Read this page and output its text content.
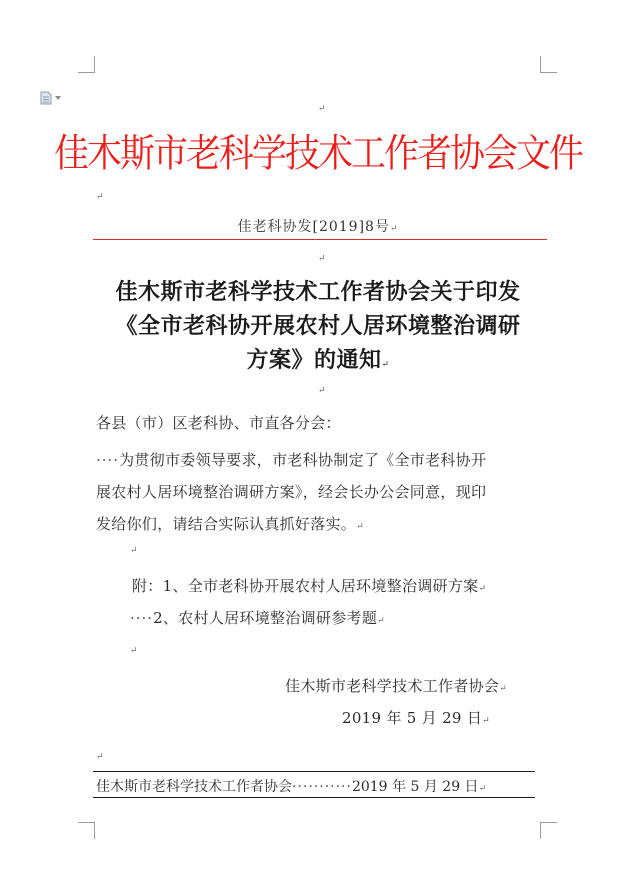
↵
佳木斯市老科学技术工作者协会文件
↵
佳老科协发[2019]8号↵
↵
佳木斯市老科学技术工作者协会关于印发
《全市老科协开展农村人居环境整治调研
方案》的通知↵
↵
各县（市）区老科协、市直各分会：
····为贯彻市委领导要求，市老科协制定了《全市老科协开
展农村人居环境整治调研方案》，经会长办公会同意，现印
发给你们，请结合实际认真抓好落实。↵
↵
附：1、全市老科协开展农村人居环境整治调研方案↵
····2、农村人居环境整治调研参考题↵
↵
佳木斯市老科学技术工作者协会↵
2019 年 5 月 29 日↵
↵
佳木斯市老科学技术工作者协会···········2019 年 5 月 29 日↵
